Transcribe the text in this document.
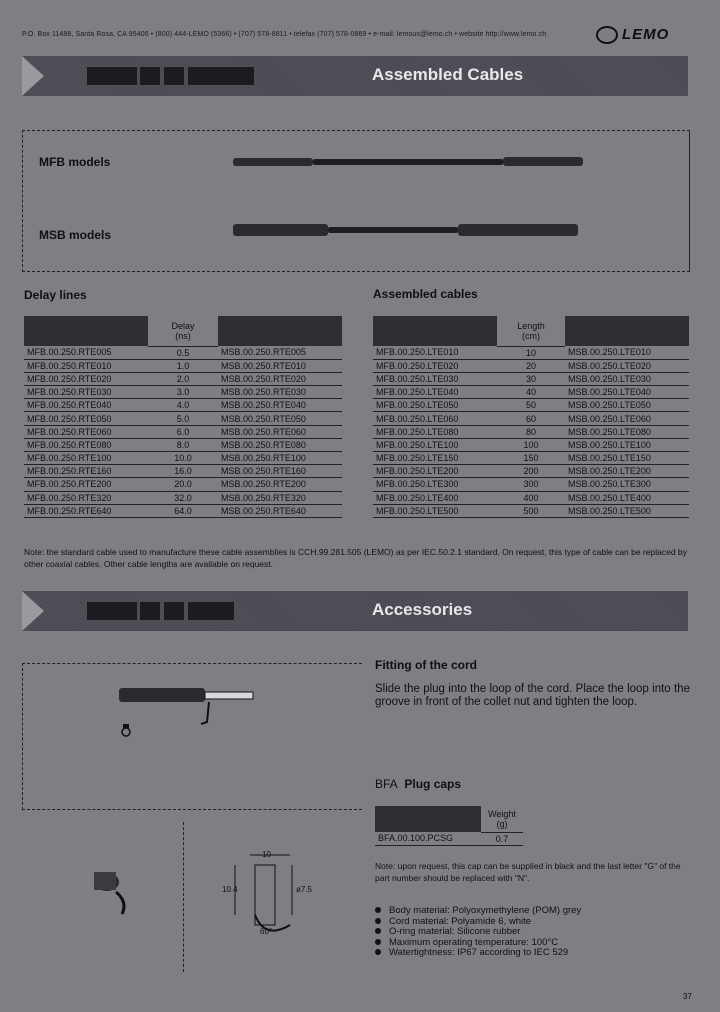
P.O. Box 11488, Santa Rosa, CA 95406 • (800) 444-LEMO (5366) • (707) 578-8811 • telefax (707) 578-0869 • e-mail: lemous@lemo.ch • website http://www.lemo.ch	LEMO
Assembled Cables
MFB models
MSB models
Delay lines
	Delay
(ns)	
MFB.00.250.RTE005	0.5	MSB.00.250.RTE005
MFB.00.250.RTE010	1.0	MSB.00.250.RTE010
MFB.00.250.RTE020	2.0	MSB.00.250.RTE020
MFB.00.250.RTE030	3.0	MSB.00.250.RTE030
MFB.00.250.RTE040	4.0	MSB.00.250.RTE040
MFB.00.250.RTE050	5.0	MSB.00.250.RTE050
MFB.00.250.RTE060	6.0	MSB.00.250.RTE060
MFB.00.250.RTE080	8.0	MSB.00.250.RTE080
MFB.00.250.RTE100	10.0	MSB.00.250.RTE100
MFB.00.250.RTE160	16.0	MSB.00.250.RTE160
MFB.00.250.RTE200	20.0	MSB.00.250.RTE200
MFB.00.250.RTE320	32.0	MSB.00.250.RTE320
MFB.00.250.RTE640	64.0	MSB.00.250.RTE640
Assembled cables
	Length
(cm)	
MFB.00.250.LTE010	10	MSB.00.250.LTE010
MFB.00.250.LTE020	20	MSB.00.250.LTE020
MFB.00.250.LTE030	30	MSB.00.250.LTE030
MFB.00.250.LTE040	40	MSB.00.250.LTE040
MFB.00.250.LTE050	50	MSB.00.250.LTE050
MFB.00.250.LTE060	60	MSB.00.250.LTE060
MFB.00.250.LTE080	80	MSB.00.250.LTE080
MFB.00.250.LTE100	100	MSB.00.250.LTE100
MFB.00.250.LTE150	150	MSB.00.250.LTE150
MFB.00.250.LTE200	200	MSB.00.250.LTE200
MFB.00.250.LTE300	300	MSB.00.250.LTE300
MFB.00.250.LTE400	400	MSB.00.250.LTE400
MFB.00.250.LTE500	500	MSB.00.250.LTE500
Note: the standard cable used to manufacture these cable assemblies is CCH.99.281.505 (LEMO) as per IEC.50.2.1 standard. On request, this type of cable can be replaced by other coaxial cables. Other cable lengths are available on request.
Accessories
10
10.4	ø7.5
60°
Fitting of the cord
Slide the plug into the loop of the cord. Place the loop into the groove in front of the collet nut and tighten the loop.
BFA Plug caps
	Weight
(g)
BFA.00.100.PCSG	0.7
Note: upon request, this cap can be supplied in black and the last letter "G" of the part number should be replaced with "N".
Body material: Polyoxymethylene (POM) grey
Cord material: Polyamide 6, white
O-ring material: Silicone rubber
Maximum operating temperature: 100°C
Watertightness: IP67 according to IEC 529
37
